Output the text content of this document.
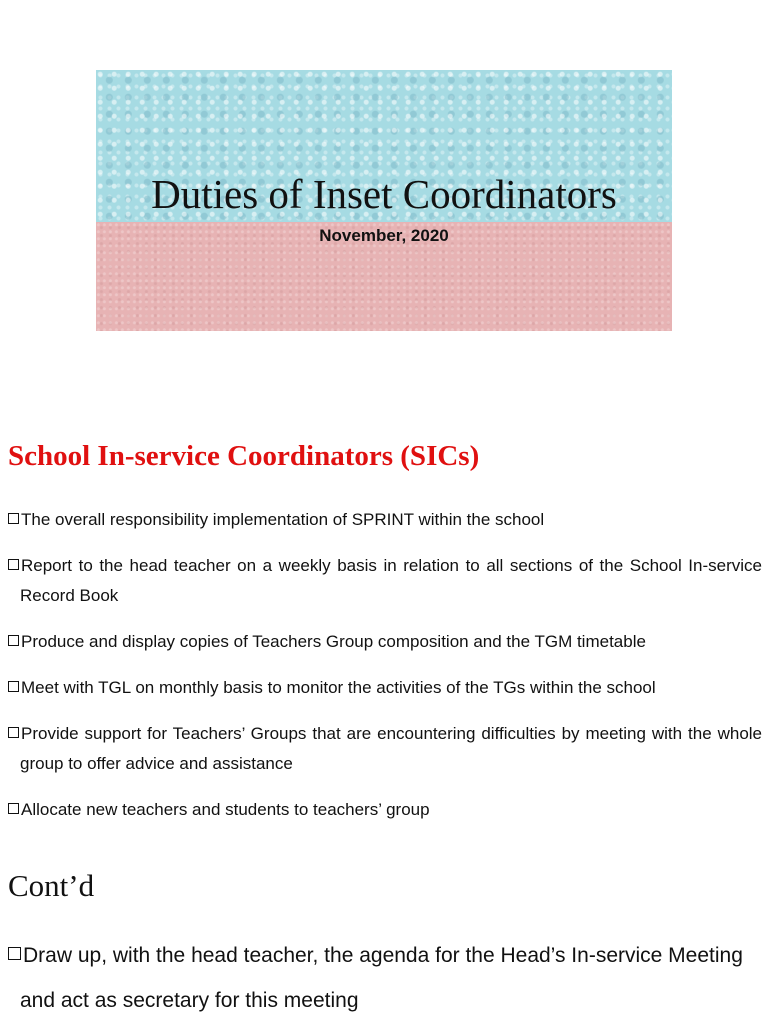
Duties of Inset Coordinators

November, 2020

School In-service Coordinators (SICs)
The overall responsibility implementation of SPRINT within the school
Report to the head teacher on a weekly basis in relation to all sections of the School In-service Record Book
Produce and display copies of Teachers Group composition and the TGM timetable
Meet with TGL on monthly basis to monitor the activities of the TGs within the school
Provide support for Teachers’ Groups that are encountering difficulties by meeting with the whole group to offer advice and assistance
Allocate new teachers and students to teachers’ group
Cont’d
Draw up, with the head teacher, the agenda for the Head’s In-service Meeting and act as secretary for this meeting
